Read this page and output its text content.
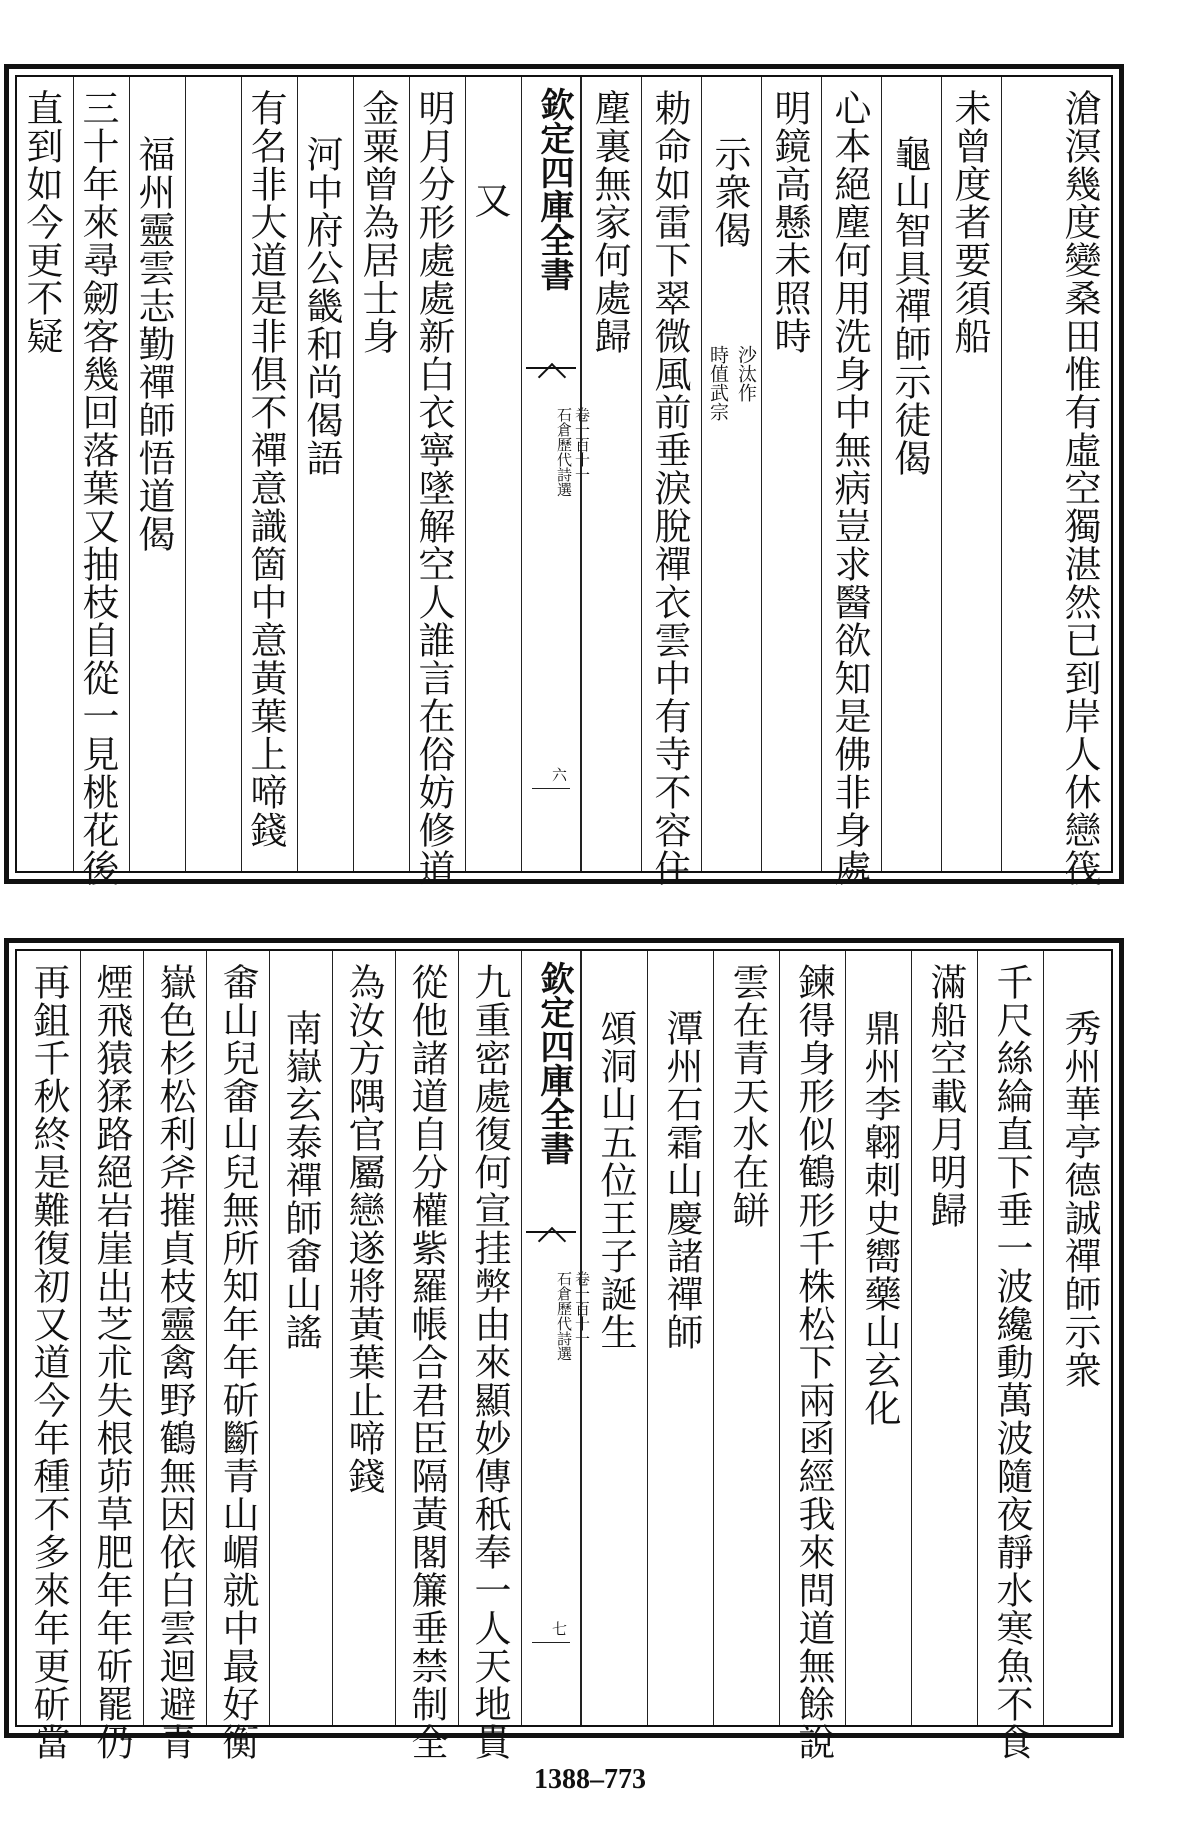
直到如今更不疑 三十年來尋劒客幾回落葉又抽枝自從一見桃花後 福州靈雲志勤禪師悟道偈 有名非大道是非俱不禪意識箇中意黃葉上啼錢 河中府公畿和尚偈語 金粟曾為居士身 明月分形處處新白衣寧墜解空人誰言在俗妨修道 又 欽定四庫全書
石倉歷代詩選 卷一百十一
六
塵裏無家何處歸 勅命如雷下翠微風前垂淚脫禪衣雲中有寺不容住 示衆偈
時值武宗 沙汰作
明鏡高懸未照時 心本絕塵何用洗身中無病豈求醫欲知是佛非身處 龜山智具禪師示徒偈 未曾度者要須船	滄溟幾度變桑田惟有虛空獨湛然已到岸人休戀筏
再鉏千秋終是難復初又道今年種不多來年更斫當 煙飛猿猱路絕岩崖出芝朮失根茆草肥年年斫罷仍 嶽色杉松利斧摧貞枝靈禽野鶴無因依白雲迴避青 畬山兒畬山兒無所知年年斫斷青山嵋就中最好衡 南嶽玄泰禪師畬山謠 為汝方隅官屬戀遂將黃葉止啼錢 從他諸道自分權紫羅帳合君臣隔黃閣簾垂禁制全 九重密處復何宣挂弊由來顯妙傳秖奉一人天地貴 欽定四庫全書
石倉歷代詩選 卷一百十一
七
頌洞山五位王子誕生 潭州石霜山慶諸禪師 雲在青天水在缾 鍊得身形似鶴形千株松下兩函經我來問道無餘說 鼎州李翺刺史嚮藥山玄化 滿船空載月明歸 千尺絲綸直下垂一波纔動萬波隨夜靜水寒魚不食 秀州華亭德誠禪師示衆
1388–773
